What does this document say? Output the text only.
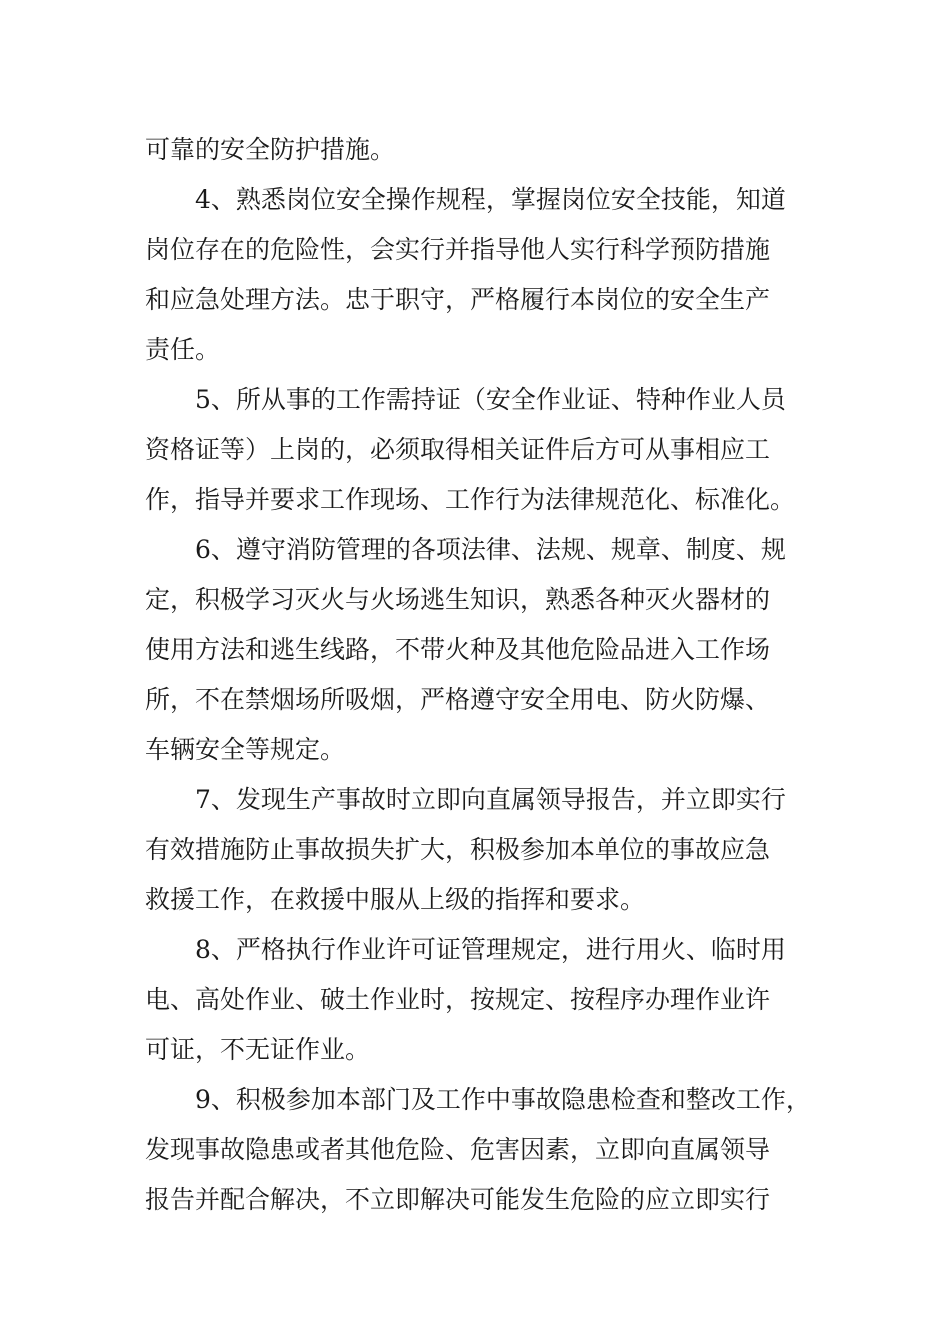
可靠的安全防护措施。
4、熟悉岗位安全操作规程，掌握岗位安全技能，知道
岗位存在的危险性，会实行并指导他人实行科学预防措施
和应急处理方法。忠于职守，严格履行本岗位的安全生产
责任。
5、所从事的工作需持证（安全作业证、特种作业人员
资格证等）上岗的，必须取得相关证件后方可从事相应工
作，指导并要求工作现场、工作行为法律规范化、标准化。
6、遵守消防管理的各项法律、法规、规章、制度、规
定，积极学习灭火与火场逃生知识，熟悉各种灭火器材的
使用方法和逃生线路，不带火种及其他危险品进入工作场
所，不在禁烟场所吸烟，严格遵守安全用电、防火防爆、
车辆安全等规定。
7、发现生产事故时立即向直属领导报告，并立即实行
有效措施防止事故损失扩大，积极参加本单位的事故应急
救援工作，在救援中服从上级的指挥和要求。
8、严格执行作业许可证管理规定，进行用火、临时用
电、高处作业、破土作业时，按规定、按程序办理作业许
可证，不无证作业。
9、积极参加本部门及工作中事故隐患检查和整改工作，
发现事故隐患或者其他危险、危害因素，立即向直属领导
报告并配合解决，不立即解决可能发生危险的应立即实行
